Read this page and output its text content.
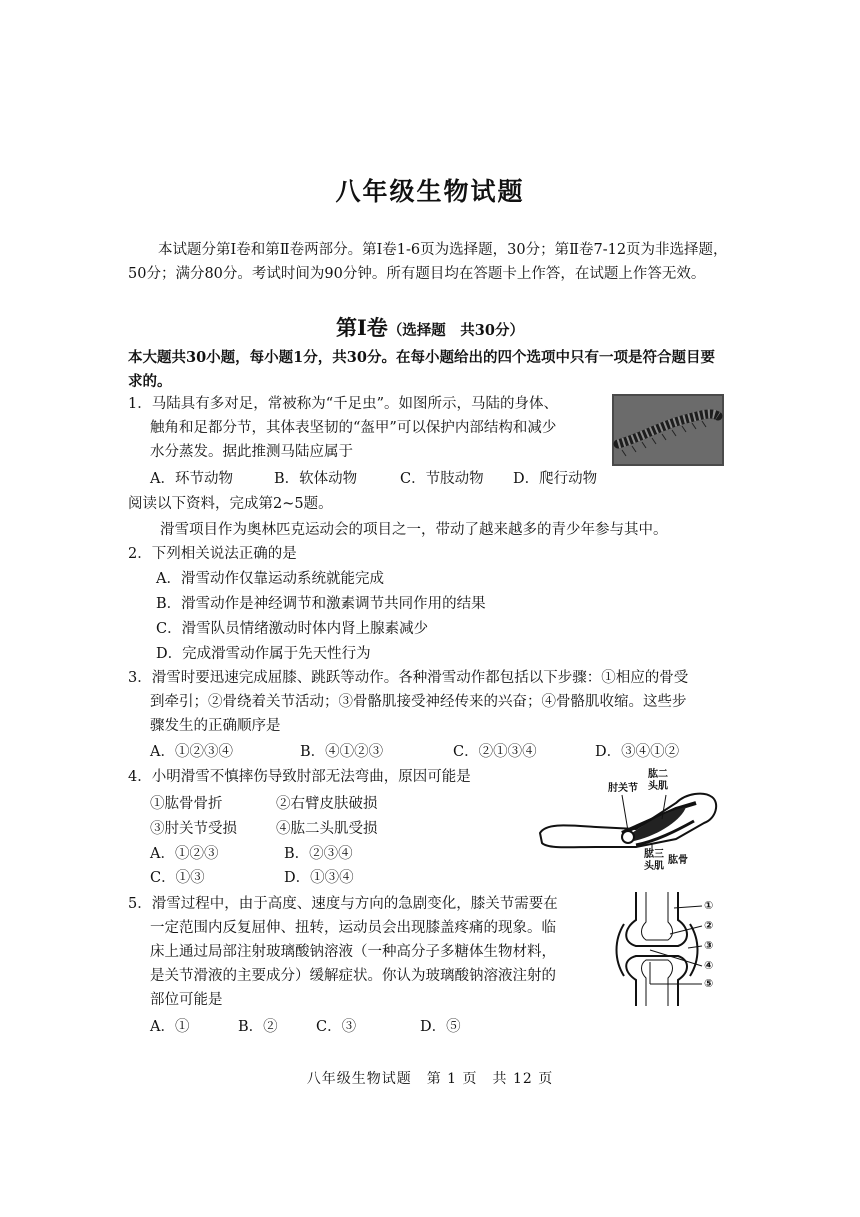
八年级生物试题
本试题分第Ⅰ卷和第Ⅱ卷两部分。第Ⅰ卷1-6页为选择题，30分；第Ⅱ卷7-12页为非选择题，50分；满分80分。考试时间为90分钟。所有题目均在答题卡上作答，在试题上作答无效。
第Ⅰ卷（选择题　共30分）
本大题共30小题，每小题1分，共30分。在每小题给出的四个选项中只有一项是符合题目要求的。
1．马陆具有多对足，常被称为“千足虫”。如图所示，马陆的身体、
触角和足都分节，其体表坚韧的“盔甲”可以保护内部结构和减少
水分蒸发。据此推测马陆应属于
A．环节动物	B．软体动物	C．节肢动物 D．爬行动物
阅读以下资料，完成第2~5题。
滑雪项目作为奥林匹克运动会的项目之一，带动了越来越多的青少年参与其中。
2．下列相关说法正确的是
A．滑雪动作仅靠运动系统就能完成
B．滑雪动作是神经调节和激素调节共同作用的结果
C．滑雪队员情绪激动时体内肾上腺素减少
D．完成滑雪动作属于先天性行为
3．滑雪时要迅速完成屈膝、跳跃等动作。各种滑雪动作都包括以下步骤：①相应的骨受
到牵引；②骨绕着关节活动；③骨骼肌接受神经传来的兴奋；④骨骼肌收缩。这些步
骤发生的正确顺序是
A．①②③④	B．④①②③	C．②①③④	D．③④①②
4．小明滑雪不慎摔伤导致肘部无法弯曲，原因可能是
①肱骨骨折	②右臂皮肤破损
③肘关节受损	④肱二头肌受损
A．①②③	B．②③④
C．①③	D．①③④
肱二
头肌
肘关节
肱三
头肌
肱骨
5．滑雪过程中，由于高度、速度与方向的急剧变化，膝关节需要在
一定范围内反复屈伸、扭转，运动员会出现膝盖疼痛的现象。临
床上通过局部注射玻璃酸钠溶液（一种高分子多糖体生物材料，
是关节滑液的主要成分）缓解症状。你认为玻璃酸钠溶液注射的
部位可能是
A．①	B．②	C．③	D．⑤
①
②
③
④
⑤
八年级生物试题　第 1 页　共 12 页
